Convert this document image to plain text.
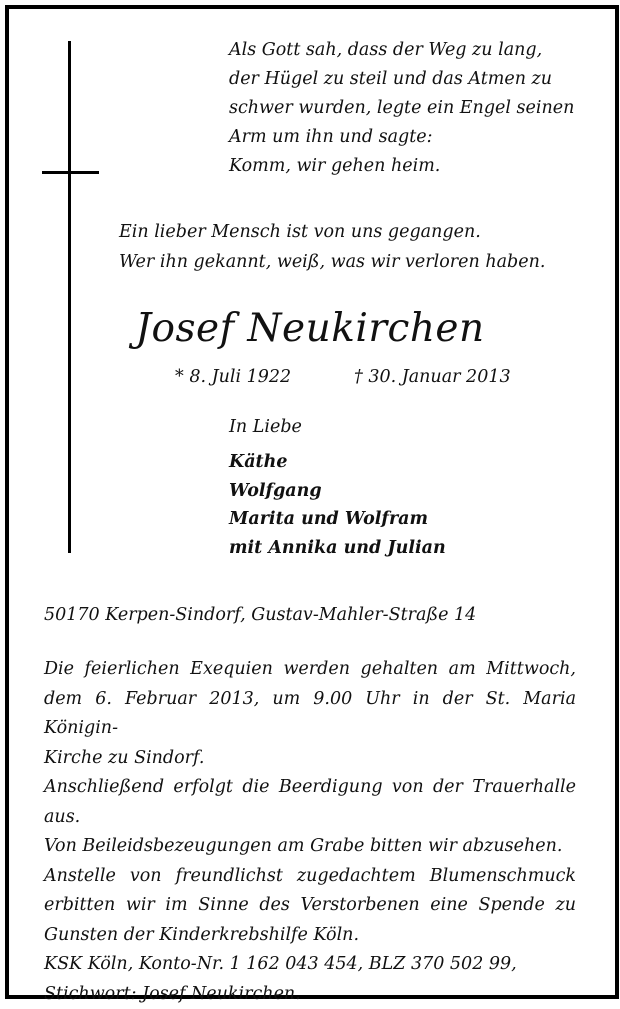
Als Gott sah, dass der Weg zu lang,
der Hügel zu steil und das Atmen zu
schwer wurden, legte ein Engel seinen
Arm um ihn und sagte:
Komm, wir gehen heim.
Ein lieber Mensch ist von uns gegangen.
Wer ihn gekannt, weiß, was wir verloren haben.
Josef Neukirchen
* 8. Juli 1922	† 30. Januar 2013
In Liebe
Käthe
Wolfgang
Marita und Wolfram
mit Annika und Julian
50170 Kerpen-Sindorf, Gustav-Mahler-Straße 14

Die feierlichen Exequien werden gehalten am Mittwoch,

dem 6. Februar 2013, um 9.00 Uhr in der St. Maria Königin-

Kirche zu Sindorf.

Anschließend erfolgt die Beerdigung von der Trauerhalle

aus.

Von Beileidsbezeugungen am Grabe bitten wir abzusehen.

Anstelle von freundlichst zugedachtem Blumenschmuck

erbitten wir im Sinne des Verstorbenen eine Spende zu

Gunsten der Kinderkrebshilfe Köln.

KSK Köln, Konto-Nr. 1 162 043 454, BLZ 370 502 99,

Stichwort: Josef Neukirchen.
